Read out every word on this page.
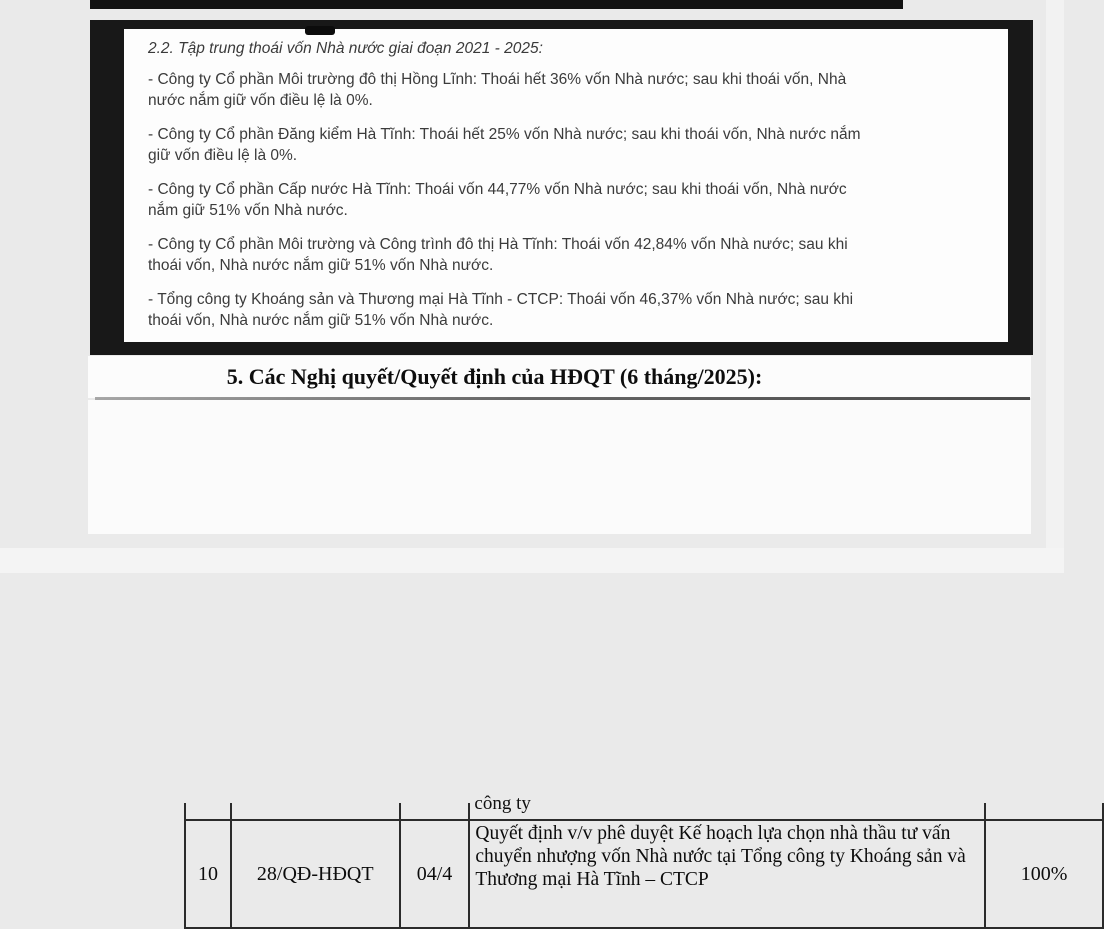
2.2. Tập trung thoái vốn Nhà nước giai đoạn 2021 - 2025:

- Công ty Cổ phần Môi trường đô thị Hồng Lĩnh: Thoái hết 36% vốn Nhà nước; sau khi thoái vốn, Nhà nước nắm giữ vốn điều lệ là 0%.

- Công ty Cổ phần Đăng kiểm Hà Tĩnh: Thoái hết 25% vốn Nhà nước; sau khi thoái vốn, Nhà nước nắm giữ vốn điều lệ là 0%.

- Công ty Cổ phần Cấp nước Hà Tĩnh: Thoái vốn 44,77% vốn Nhà nước; sau khi thoái vốn, Nhà nước nắm giữ 51% vốn Nhà nước.

- Công ty Cổ phần Môi trường và Công trình đô thị Hà Tĩnh: Thoái vốn 42,84% vốn Nhà nước; sau khi thoái vốn, Nhà nước nắm giữ 51% vốn Nhà nước.

- Tổng công ty Khoáng sản và Thương mại Hà Tĩnh - CTCP: Thoái vốn 46,37% vốn Nhà nước; sau khi thoái vốn, Nhà nước nắm giữ 51% vốn Nhà nước.

5. Các Nghị quyết/Quyết định của HĐQT (6 tháng/2025):
công ty
10 28/QĐ-HĐQT 04/4
Quyết định v/v phê duyệt Kế hoạch lựa chọn nhà thầu tư vấn chuyển nhượng vốn Nhà nước tại Tổng công ty Khoáng sản và Thương mại Hà Tĩnh – CTCP	100%
